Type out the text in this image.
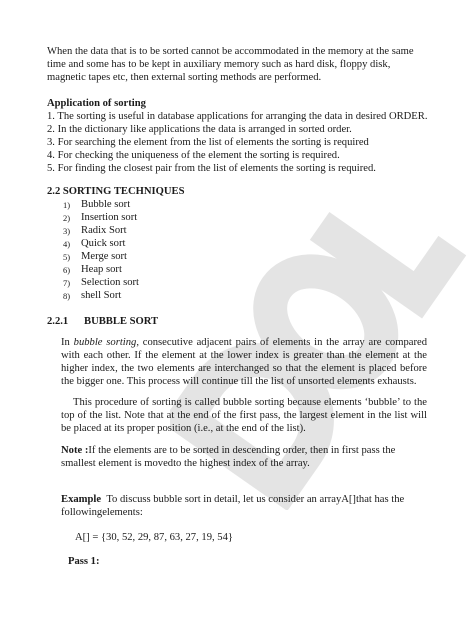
When the data that is to be sorted cannot be accommodated in the memory at the same
time and some has to be kept in auxiliary memory such as hard disk, floppy disk,
magnetic tapes etc, then external sorting methods are performed.
Application of sorting
1. The sorting is useful in database applications for arranging the data in desired ORDER.
2. In the dictionary like applications the data is arranged in sorted order.
3. For searching the element from the list of elements the sorting is required
4. For checking the uniqueness of the element the sorting is required.
5. For finding the closest pair from the list of elements the sorting is required.
2.2 SORTING TECHNIQUES
1) Bubble sort
2) Insertion sort
3) Radix Sort
4) Quick sort
5) Merge sort
6) Heap sort
7) Selection sort
8) shell Sort
2.2.1 BUBBLE SORT
In bubble sorting, consecutive adjacent pairs of elements in the array are compared with each other. If the element at the lower index is greater than the element at the higher index, the two elements are interchanged so that the element is placed before the bigger one. This process will continue till the list of unsorted elements exhausts.
This procedure of sorting is called bubble sorting because elements ‘bubble’ to the top of the list. Note that at the end of the first pass, the largest element in the list will be placed at its proper position (i.e., at the end of the list).
Note :If the elements are to be sorted in descending order, then in first pass the
smallest element is movedto the highest index of the array.
Example To discuss bubble sort in detail, let us consider an arrayA[]that has the
followingelements:
A[] = {30, 52, 29, 87, 63, 27, 19, 54}
Pass 1:
